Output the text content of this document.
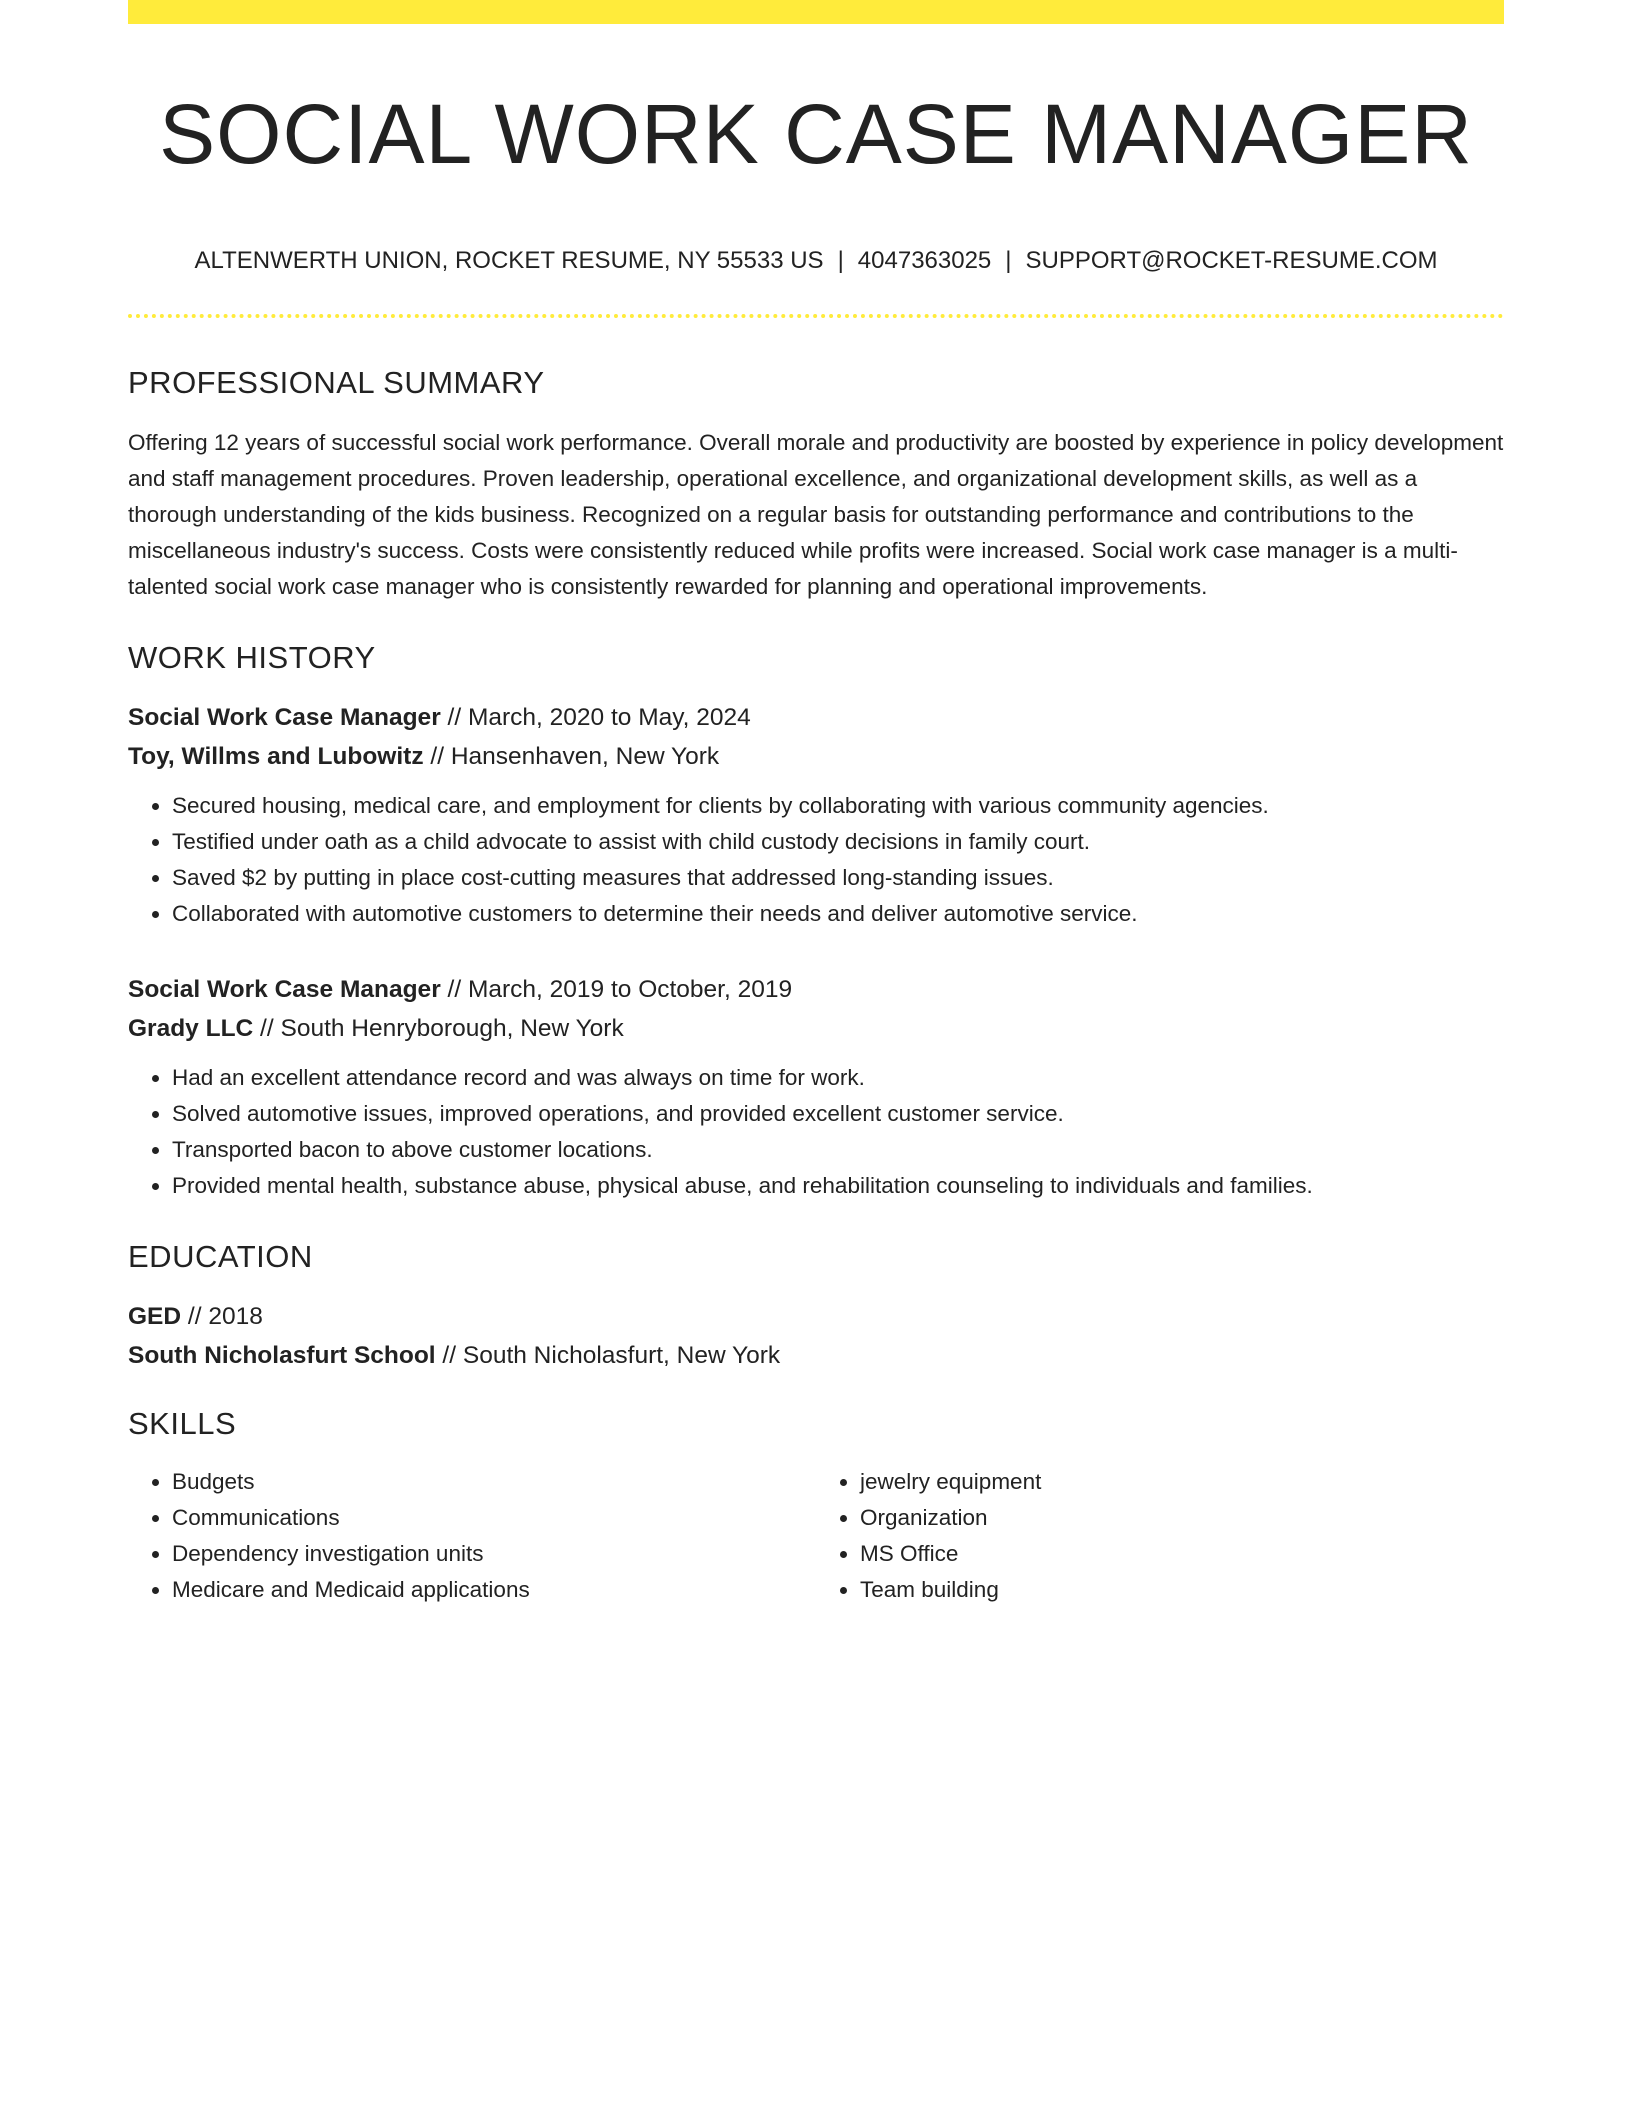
SOCIAL WORK CASE MANAGER
ALTENWERTH UNION, ROCKET RESUME, NY 55533 US | 4047363025 | SUPPORT@ROCKET-RESUME.COM
PROFESSIONAL SUMMARY
Offering 12 years of successful social work performance. Overall morale and productivity are boosted by experience in policy development and staff management procedures. Proven leadership, operational excellence, and organizational development skills, as well as a thorough understanding of the kids business. Recognized on a regular basis for outstanding performance and contributions to the miscellaneous industry's success. Costs were consistently reduced while profits were increased. Social work case manager is a multi-talented social work case manager who is consistently rewarded for planning and operational improvements.
WORK HISTORY
Social Work Case Manager // March, 2020 to May, 2024
Toy, Willms and Lubowitz // Hansenhaven, New York
• Secured housing, medical care, and employment for clients by collaborating with various community agencies.
• Testified under oath as a child advocate to assist with child custody decisions in family court.
• Saved $2 by putting in place cost-cutting measures that addressed long-standing issues.
• Collaborated with automotive customers to determine their needs and deliver automotive service.
Social Work Case Manager // March, 2019 to October, 2019
Grady LLC // South Henryborough, New York
• Had an excellent attendance record and was always on time for work.
• Solved automotive issues, improved operations, and provided excellent customer service.
• Transported bacon to above customer locations.
• Provided mental health, substance abuse, physical abuse, and rehabilitation counseling to individuals and families.
EDUCATION
GED // 2018
South Nicholasfurt School // South Nicholasfurt, New York
SKILLS
• Budgets
• Communications
• Dependency investigation units
• Medicare and Medicaid applications
• jewelry equipment
• Organization
• MS Office
• Team building
